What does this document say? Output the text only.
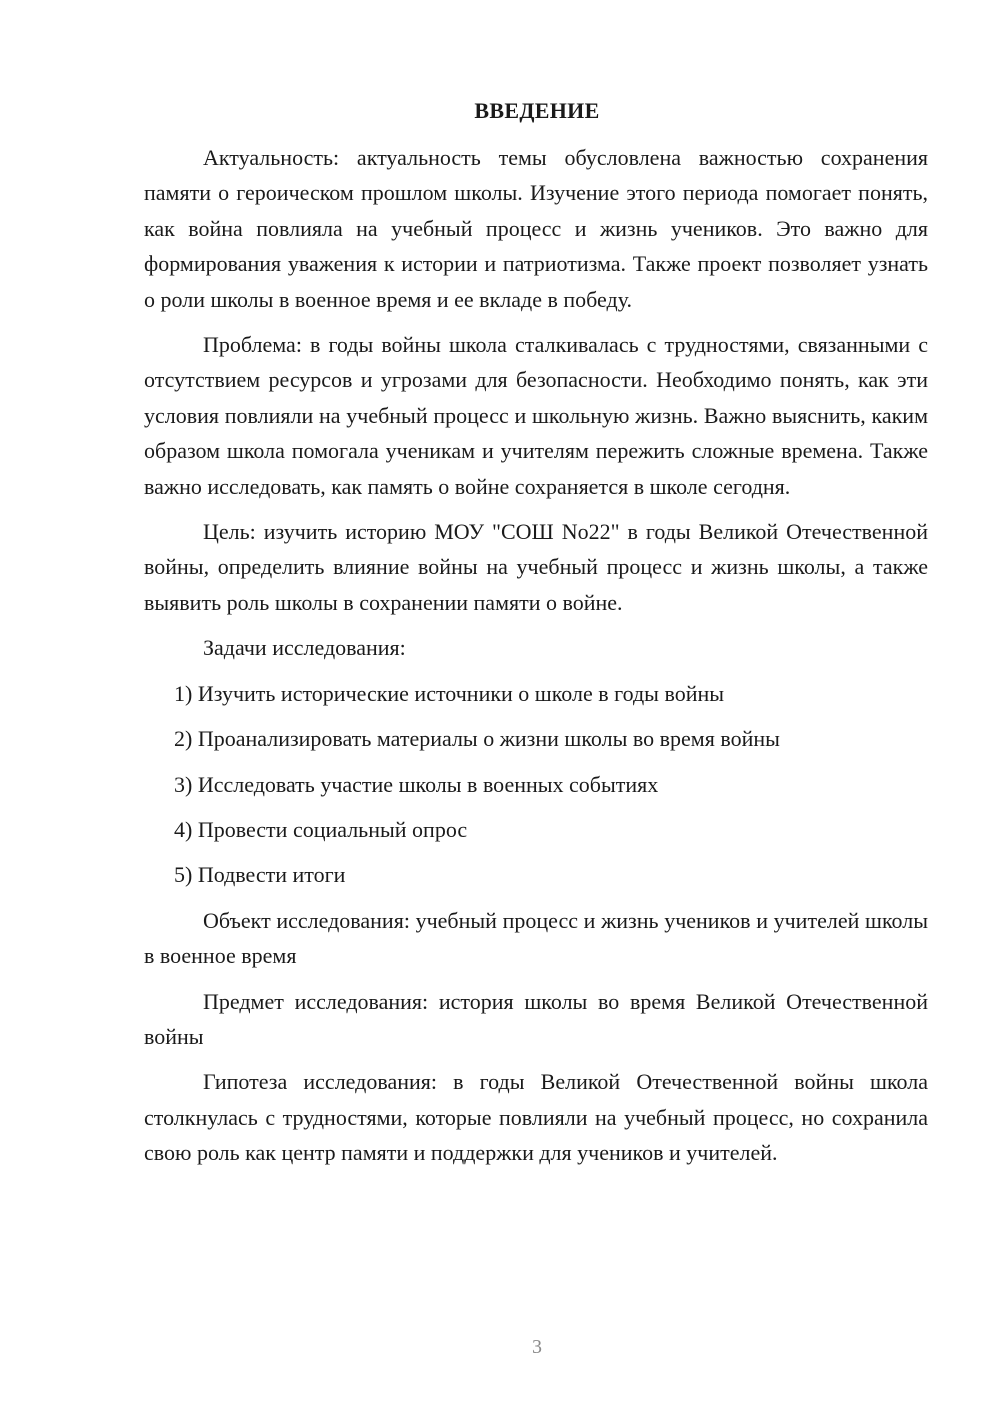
ВВЕДЕНИЕ

Актуальность: актуальность темы обусловлена важностью сохранения памяти о героическом прошлом школы. Изучение этого периода помогает понять, как война повлияла на учебный процесс и жизнь учеников. Это важно для формирования уважения к истории и патриотизма. Также проект позволяет узнать о роли школы в военное время и ее вкладе в победу.

Проблема: в годы войны школа сталкивалась с трудностями, связанными с отсутствием ресурсов и угрозами для безопасности. Необходимо понять, как эти условия повлияли на учебный процесс и школьную жизнь. Важно выяснить, каким образом школа помогала ученикам и учителям пережить сложные времена. Также важно исследовать, как память о войне сохраняется в школе сегодня.

Цель: изучить историю МОУ "СОШ No22" в годы Великой Отечественной войны, определить влияние войны на учебный процесс и жизнь школы, а также выявить роль школы в сохранении памяти о войне.

Задачи исследования:

1) Изучить исторические источники о школе в годы войны

2) Проанализировать материалы о жизни школы во время войны

3) Исследовать участие школы в военных событиях

4) Провести социальный опрос

5) Подвести итоги

Объект исследования: учебный процесс и жизнь учеников и учителей школы в военное время

Предмет исследования: история школы во время Великой Отечественной войны

Гипотеза исследования: в годы Великой Отечественной войны школа столкнулась с трудностями, которые повлияли на учебный процесс, но сохранила свою роль как центр памяти и поддержки для учеников и учителей.

3
